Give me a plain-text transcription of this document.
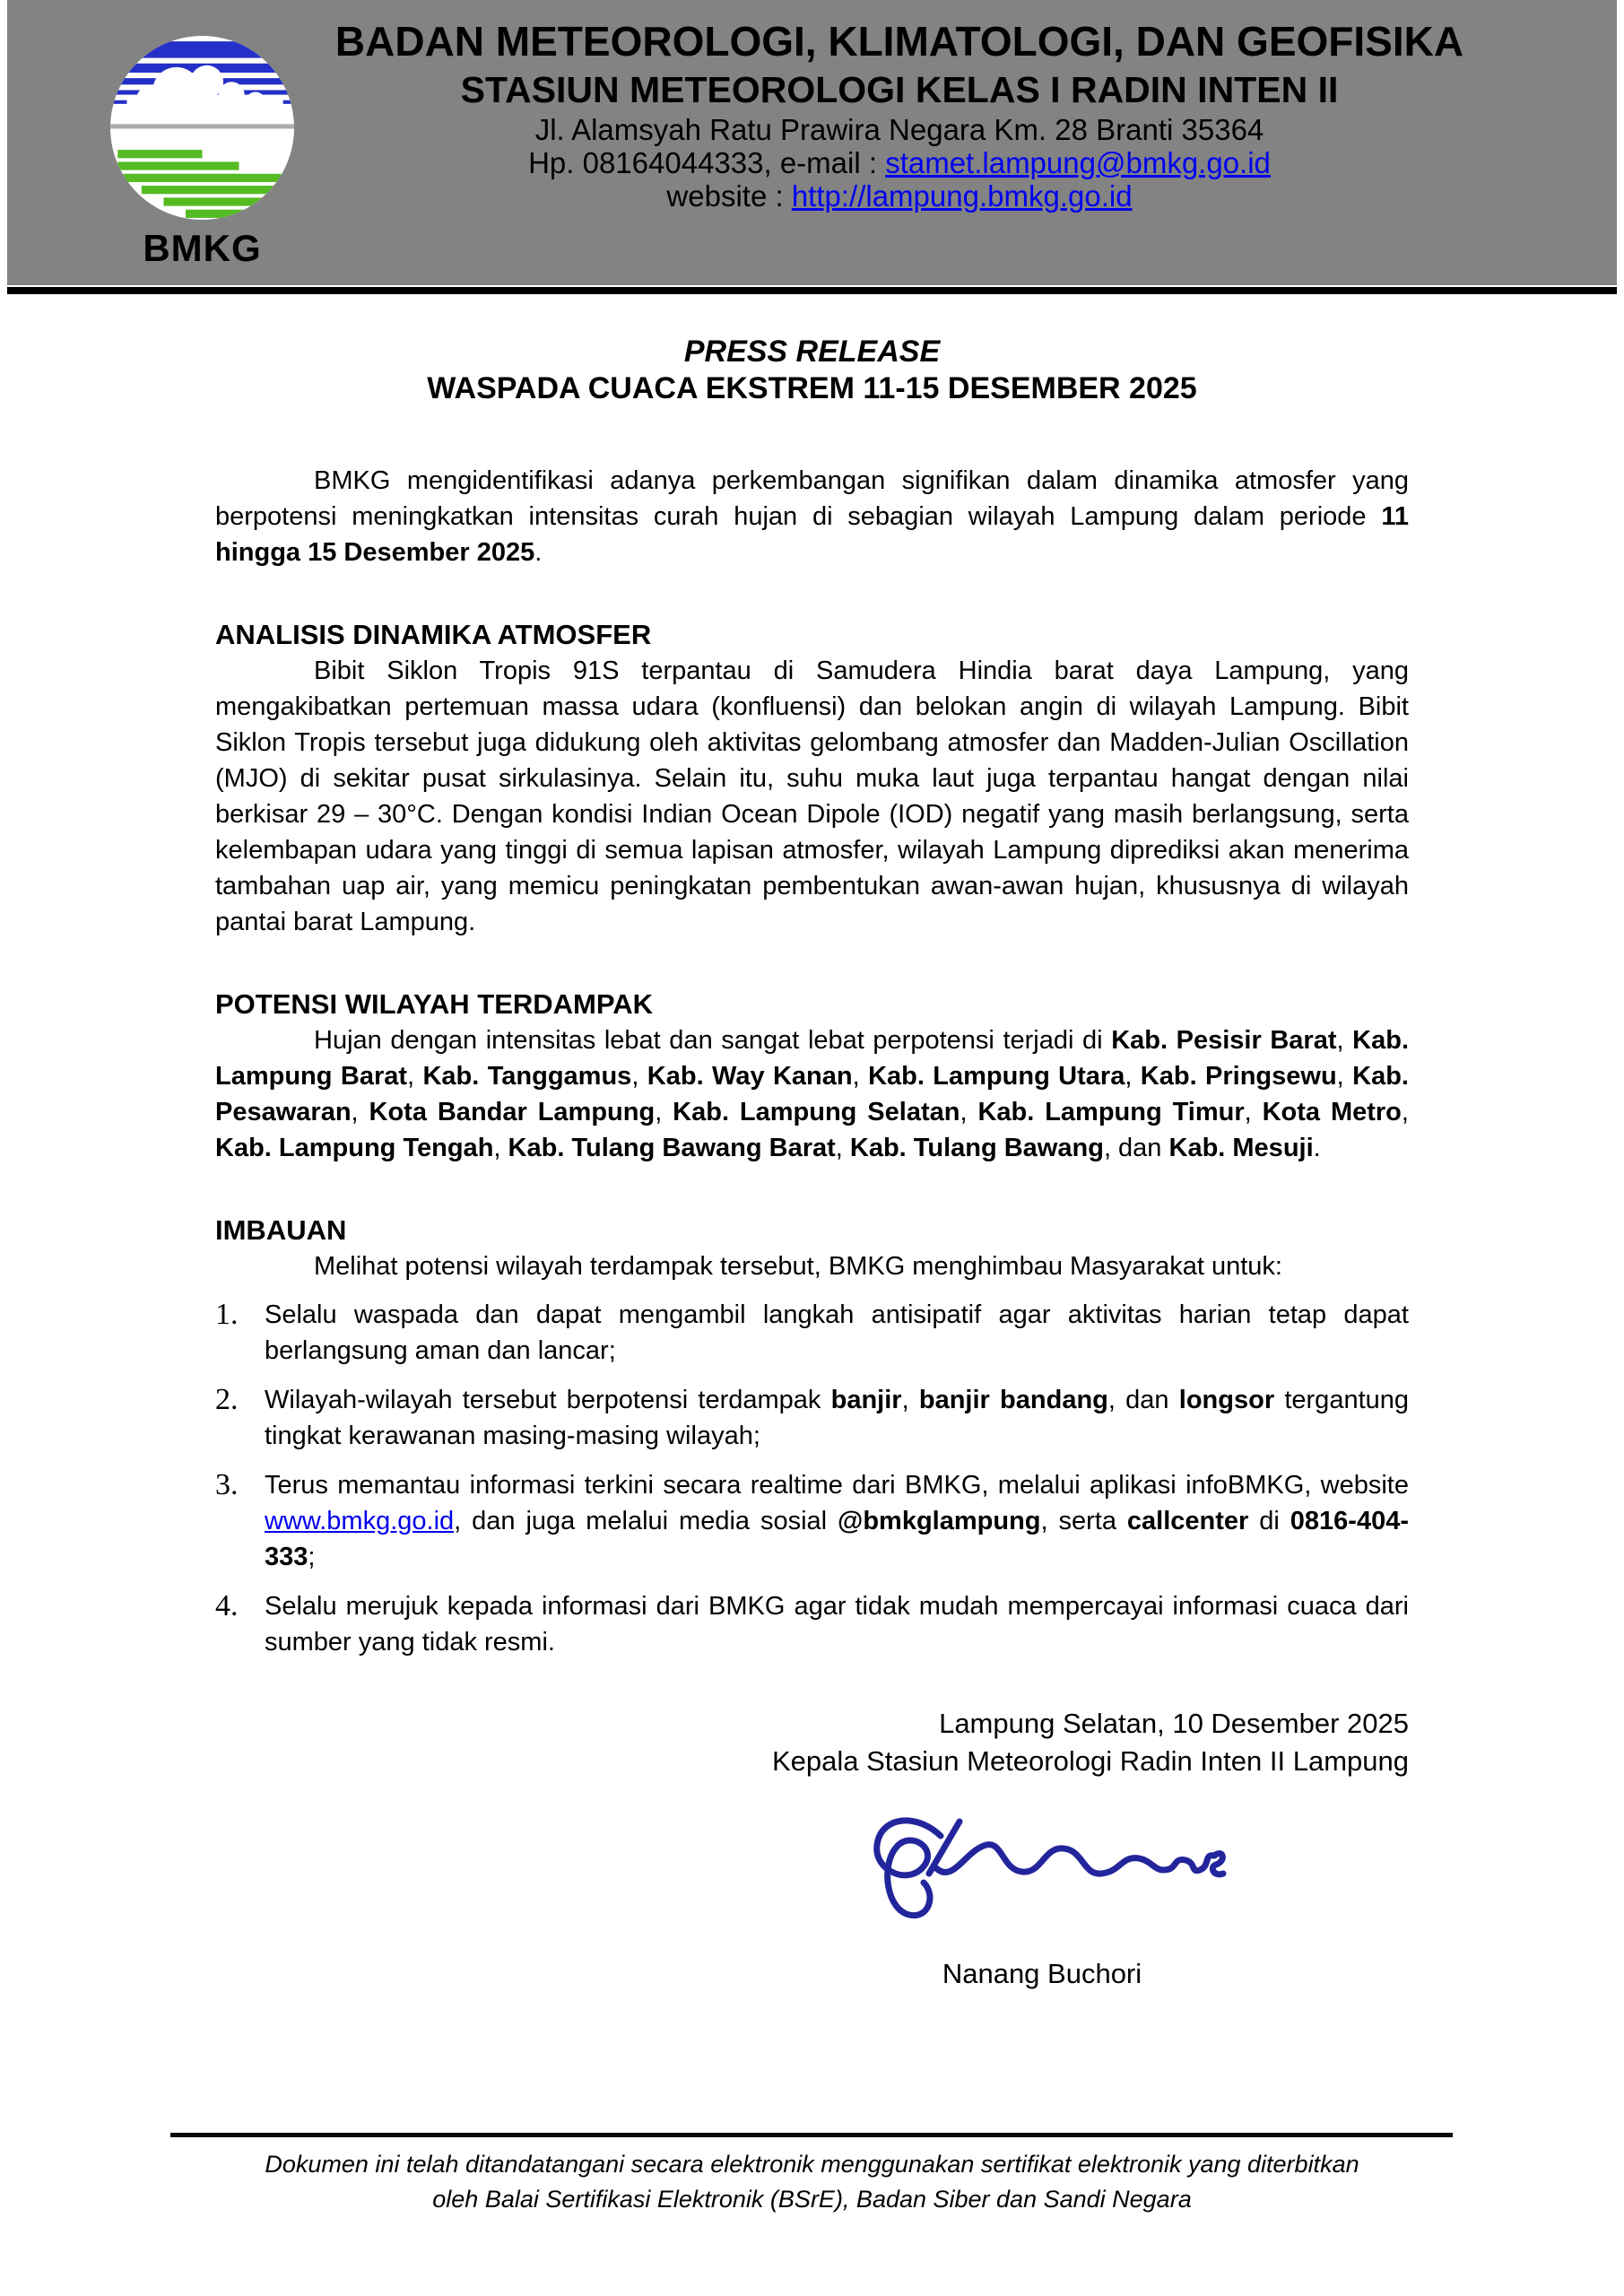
BMKG
BADAN METEOROLOGI, KLIMATOLOGI, DAN GEOFISIKA
STASIUN METEOROLOGI KELAS I RADIN INTEN II
Jl. Alamsyah Ratu Prawira Negara Km. 28 Branti 35364
Hp. 08164044333, e-mail : stamet.lampung@bmkg.go.id
website : http://lampung.bmkg.go.id
PRESS RELEASE
WASPADA CUACA EKSTREM 11-15 DESEMBER 2025

BMKG mengidentifikasi adanya perkembangan signifikan dalam dinamika atmosfer yang berpotensi meningkatkan intensitas curah hujan di sebagian wilayah Lampung dalam periode 11 hingga 15 Desember 2025.

ANALISIS DINAMIKA ATMOSFER

Bibit Siklon Tropis 91S terpantau di Samudera Hindia barat daya Lampung, yang mengakibatkan pertemuan massa udara (konfluensi) dan belokan angin di wilayah Lampung. Bibit Siklon Tropis tersebut juga didukung oleh aktivitas gelombang atmosfer dan Madden-Julian Oscillation (MJO) di sekitar pusat sirkulasinya. Selain itu, suhu muka laut juga terpantau hangat dengan nilai berkisar 29 – 30°C. Dengan kondisi Indian Ocean Dipole (IOD) negatif yang masih berlangsung, serta kelembapan udara yang tinggi di semua lapisan atmosfer, wilayah Lampung diprediksi akan menerima tambahan uap air, yang memicu peningkatan pembentukan awan-awan hujan, khususnya di wilayah pantai barat Lampung.

POTENSI WILAYAH TERDAMPAK

Hujan dengan intensitas lebat dan sangat lebat perpotensi terjadi di Kab. Pesisir Barat, Kab. Lampung Barat, Kab. Tanggamus, Kab. Way Kanan, Kab. Lampung Utara, Kab. Pringsewu, Kab. Pesawaran, Kota Bandar Lampung, Kab. Lampung Selatan, Kab. Lampung Timur, Kota Metro, Kab. Lampung Tengah, Kab. Tulang Bawang Barat, Kab. Tulang Bawang, dan Kab. Mesuji.

IMBAUAN

Melihat potensi wilayah terdampak tersebut, BMKG menghimbau Masyarakat untuk:

1.	Selalu waspada dan dapat mengambil langkah antisipatif agar aktivitas harian tetap dapat berlangsung aman dan lancar;
2.	Wilayah-wilayah tersebut berpotensi terdampak banjir, banjir bandang, dan longsor tergantung tingkat kerawanan masing-masing wilayah;
3.	Terus memantau informasi terkini secara realtime dari BMKG, melalui aplikasi infoBMKG, website www.bmkg.go.id, dan juga melalui media sosial @bmkglampung, serta callcenter di 0816-404-333;
4.	Selalu merujuk kepada informasi dari BMKG agar tidak mudah mempercayai informasi cuaca dari sumber yang tidak resmi.
Lampung Selatan, 10 Desember 2025
Kepala Stasiun Meteorologi Radin Inten II Lampung
Nanang Buchori
Dokumen ini telah ditandatangani secara elektronik menggunakan sertifikat elektronik yang diterbitkan
oleh Balai Sertifikasi Elektronik (BSrE), Badan Siber dan Sandi Negara
